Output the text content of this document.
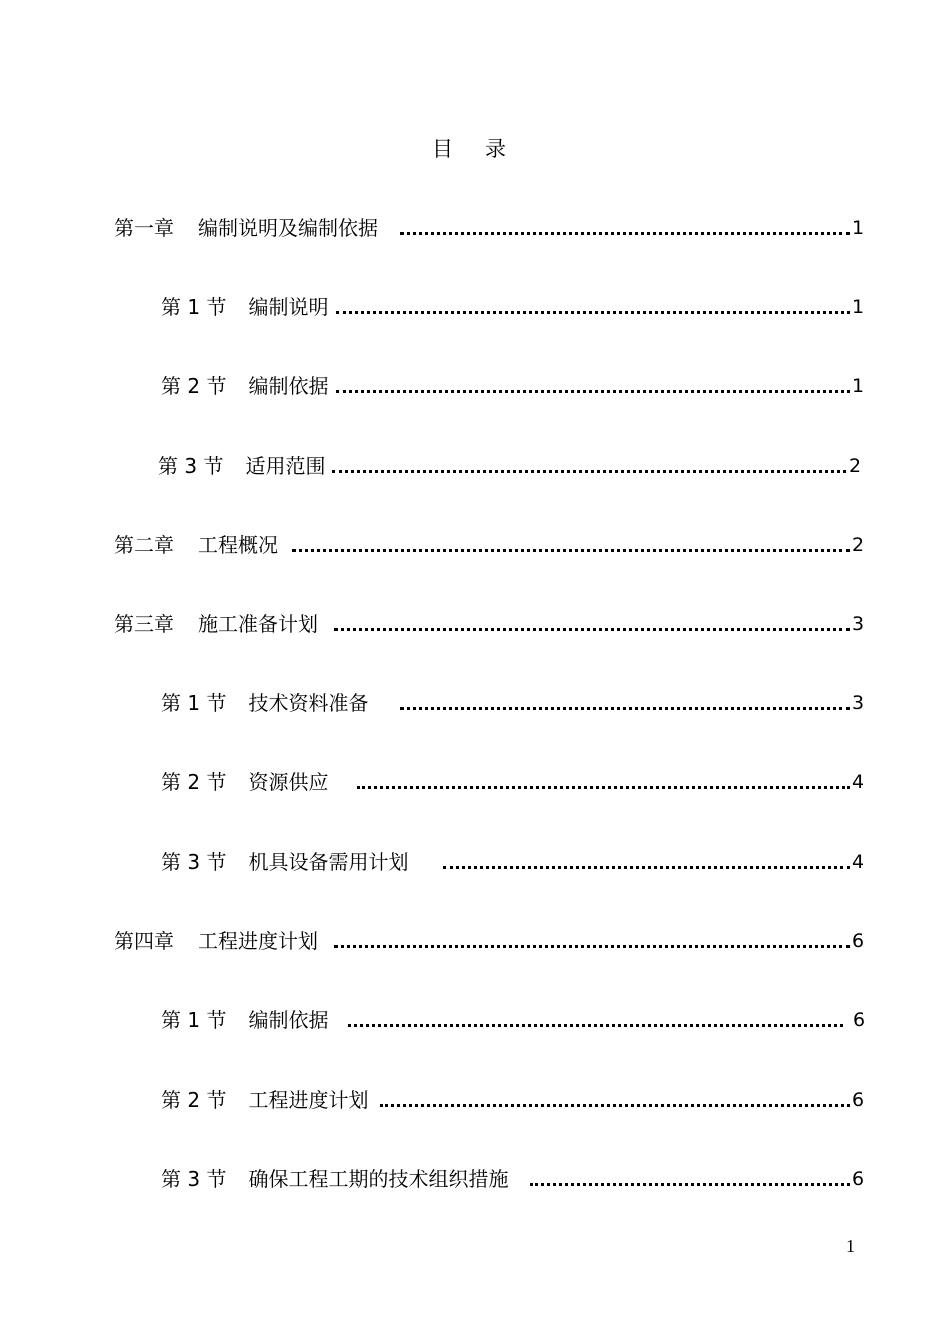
目录
第一章 编制说明及编制依据	1
第 1 节 编制说明	1
第 2 节 编制依据	1
第 3 节 适用范围	2
第二章 工程概况	2
第三章 施工准备计划	3
第 1 节 技术资料准备	3
第 2 节 资源供应	4
第 3 节 机具设备需用计划	4
第四章 工程进度计划	6
第 1 节 编制依据	6
第 2 节 工程进度计划	6
第 3 节 确保工程工期的技术组织措施	6
1
